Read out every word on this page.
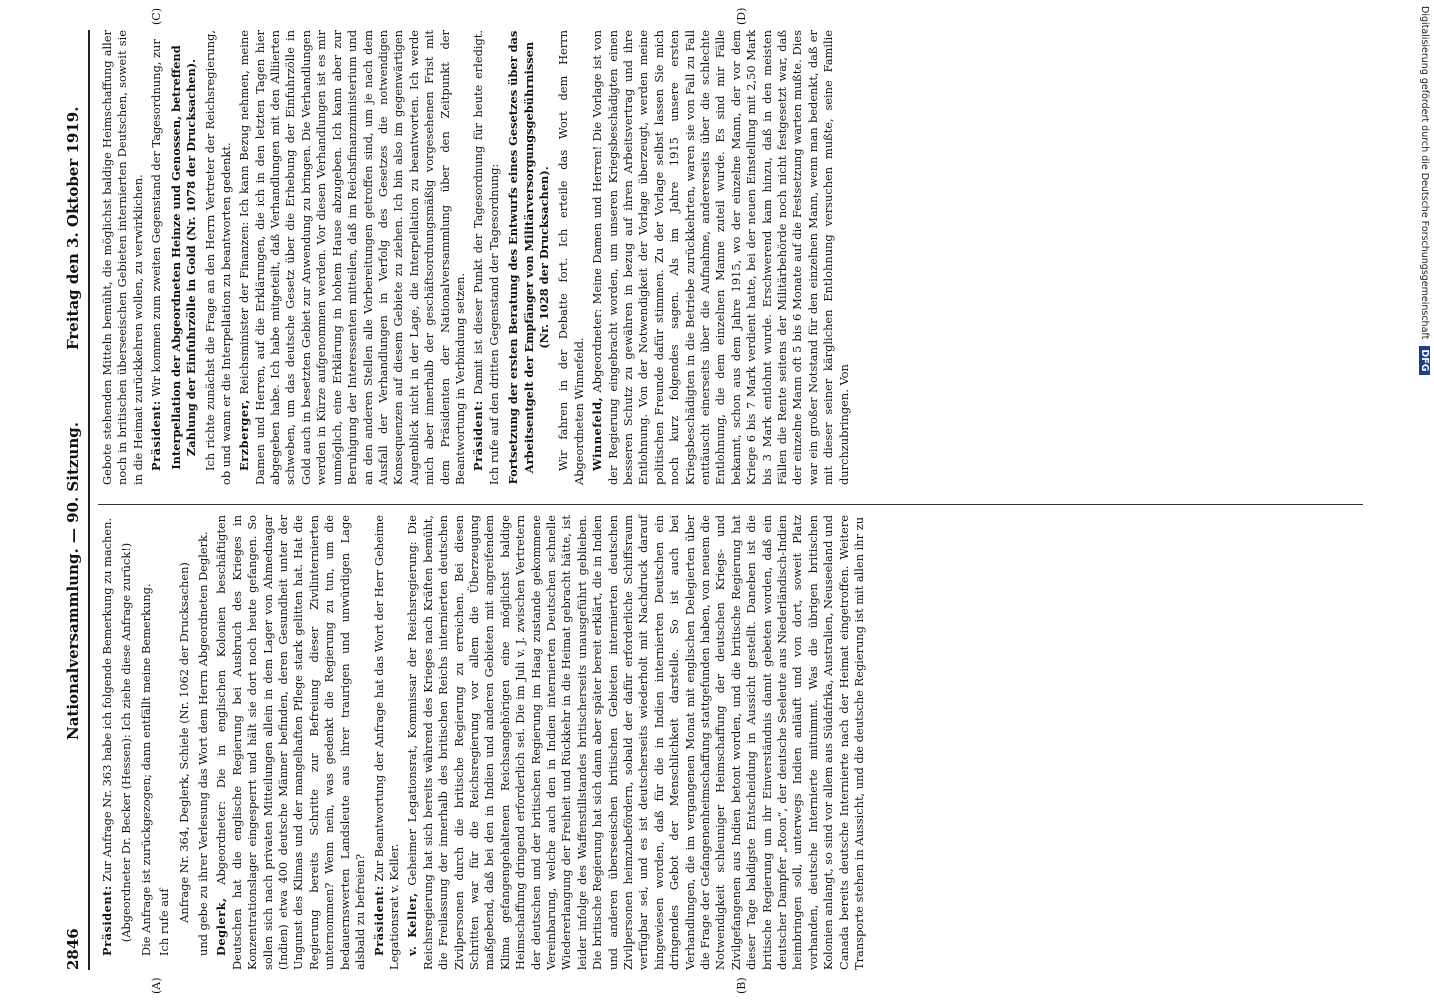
2846
Nationalversammlung. — 90. Sitzung.
Freitag den 3. Oktober 1919.
(A)	(B)
(C)	(D)

Präsident: Zur Anfrage Nr. 363 habe ich folgende Bemerkung zu machen. (Abgeordneter Dr. Becker (Hessen): Ich ziehe diese Anfrage zurück!) Die Anfrage ist zurückgezogen; dann entfällt meine Bemerkung. Ich rufe auf Anfrage Nr. 364, Deglerk, Schiele (Nr. 1062 der Drucksachen) und gebe zu ihrer Verlesung das Wort dem Herrn Abgeordneten Deglerk. Deglerk, Abgeordneter: Die in englischen Kolonien beschäftigten Deutschen hat die englische Regierung bei Ausbruch des Krieges in Konzentrationslager eingesperrt und hält sie dort noch heute gefangen. So sollen sich nach privaten Mitteilungen allein in dem Lager von Ahmednagar (Indien) etwa 400 deutsche Männer befinden, deren Gesundheit unter der Ungunst des Klimas und der mangelhaften Pflege stark gelitten hat. Hat die Regierung bereits Schritte zur Befreiung dieser Zivilinternierten unternommen? Wenn nein, was gedenkt die Regierung zu tun, um die bedauernswerten Landsleute aus ihrer traurigen und unwürdigen Lage alsbald zu befreien? Präsident: Zur Beantwortung der Anfrage hat das Wort der Herr Geheime Legationsrat v. Keller. v. Keller, Geheimer Legationsrat, Kommissar der Reichsregierung: Die Reichsregierung hat sich bereits während des Krieges nach Kräften bemüht, die Freilassung der innerhalb des britischen Reichs internierten deutschen Zivilpersonen durch die britische Regierung zu erreichen. Bei diesen Schritten war für die Reichsregierung vor allem die Überzeugung maßgebend, daß bei den in Indien und anderen Gebieten mit angreifendem Klima gefangengehaltenen Reichsangehörigen eine möglichst baldige Heimschaffung dringend erforderlich sei. Die im Juli v. J. zwischen Vertretern der deutschen und der britischen Regierung im Haag zustande gekommene Vereinbarung, welche auch den in Indien internierten Deutschen schnelle Wiedererlangung der Freiheit und Rückkehr in die Heimat gebracht hätte, ist leider infolge des Waffenstillstandes britischerseits unausgeführt geblieben. Die britische Regierung hat sich dann aber später bereit erklärt, die in Indien und anderen überseeischen britischen Gebieten internierten deutschen Zivilpersonen heimzubefördern, sobald der dafür erforderliche Schiffsraum verfügbar sei, und es ist deutscherseits wiederholt mit Nachdruck darauf hingewiesen worden, daß für die in Indien internierten Deutschen ein dringendes Gebot der Menschlichkeit darstelle. So ist auch bei Verhandlungen, die im vergangenen Monat mit englischen Delegierten über die Frage der Gefangenenheimschaffung stattgefunden haben, von neuem die Notwendigkeit schleuniger Heimschaffung der deutschen Kriegs- und Zivilgefangenen aus Indien betont worden, und die britische Regierung hat dieser Tage baldigste Entscheidung in Aussicht gestellt. Daneben ist die britische Regierung um ihr Einverständnis damit gebeten worden, daß ein deutscher Dampfer „Roon“, der deutsche Seeleute aus Niederländisch-Indien heimbringen soll, unterwegs Indien anläuft und von dort, soweit Platz vorhanden, deutsche Internierte mitnimmt. Was die übrigen britischen Kolonien anlangt, so sind vor allem aus Südafrika, Australien, Neuseeland und Canada bereits deutsche Internierte nach der Heimat eingetroffen. Weitere Transporte stehen in Aussicht, und die deutsche Regierung ist mit allen ihr zu

Gebote stehenden Mitteln bemüht, die möglichst baldige Heimschaffung aller noch in britischen überseeischen Gebieten internierten Deutschen, soweit sie in die Heimat zurückkehren wollen, zu verwirklichen. Präsident: Wir kommen zum zweiten Gegenstand der Tagesordnung, zur Interpellation der Abgeordneten Heinze und Genossen, betreffend Zahlung der Einfuhrzölle in Gold (Nr. 1078 der Drucksachen). Ich richte zunächst die Frage an den Herrn Vertreter der Reichsregierung, ob und wann er die Interpellation zu beantworten gedenkt. Erzberger, Reichsminister der Finanzen: Ich kann Bezug nehmen, meine Damen und Herren, auf die Erklärungen, die ich in den letzten Tagen hier abgegeben habe. Ich habe mitgeteilt, daß Verhandlungen mit den Alliierten schweben, um das deutsche Gesetz über die Erhebung der Einfuhrzölle in Gold auch in besetzten Gebiet zur Anwendung zu bringen. Die Verhandlungen werden in Kürze aufgenommen werden. Vor diesen Verhandlungen ist es mir unmöglich, eine Erklärung in hohem Hause abzugeben. Ich kann aber zur Beruhigung der Interessenten mitteilen, daß im Reichsfinanzministerium und an den anderen Stellen alle Vorbereitungen getroffen sind, um je nach dem Ausfall der Verhandlungen in Verfolg des Gesetzes die notwendigen Konsequenzen auf diesem Gebiete zu ziehen. Ich bin also im gegenwärtigen Augenblick nicht in der Lage, die Interpellation zu beantworten. Ich werde mich aber innerhalb der geschäftsordnungsmäßig vorgesehenen Frist mit dem Präsidenten der Nationalversammlung über den Zeitpunkt der Beantwortung in Verbindung setzen. Präsident: Damit ist dieser Punkt der Tagesordnung für heute erledigt. Ich rufe auf den dritten Gegenstand der Tagesordnung: Fortsetzung der ersten Beratung des Entwurfs eines Gesetzes über das Arbeitsentgelt der Empfänger von Militärversorgungsgebührnissen (Nr. 1028 der Drucksachen). Wir fahren in der Debatte fort. Ich erteile das Wort dem Herrn Abgeordneten Winnefeld. Winnefeld, Abgeordneter: Meine Damen und Herren! Die Vorlage ist von der Regierung eingebracht worden, um unseren Kriegsbeschädigten einen besseren Schutz zu gewähren in bezug auf ihren Arbeitsvertrag und ihre Entlohnung. Von der Notwendigkeit der Vorlage überzeugt, werden meine politischen Freunde dafür stimmen. Zu der Vorlage selbst lassen Sie mich noch kurz folgendes sagen. Als im Jahre 1915 unsere ersten Kriegsbeschädigten in die Betriebe zurückkehrten, waren sie von Fall zu Fall enttäuscht einerseits über die Aufnahme, andererseits über die schlechte Entlohnung, die dem einzelnen Manne zuteil wurde. Es sind mir Fälle bekannt, schon aus dem Jahre 1915, wo der einzelne Mann, der vor dem Kriege 6 bis 7 Mark verdient hatte, bei der neuen Einstellung mit 2,50 Mark bis 3 Mark entlohnt wurde. Erschwerend kam hinzu, daß in den meisten Fällen die Rente seitens der Militärbehörde noch nicht festgesetzt war, daß der einzelne Mann oft 5 bis 6 Monate auf die Festsetzung warten mußte. Dies war ein großer Notstand für den einzelnen Mann, wenn man bedenkt, daß er mit dieser seiner kärglichen Entlohnung versuchen mußte, seine Familie durchzubringen. Von

Digitalisierung gefördert durch die Deutsche Forschungsgemeinschaft DFG
